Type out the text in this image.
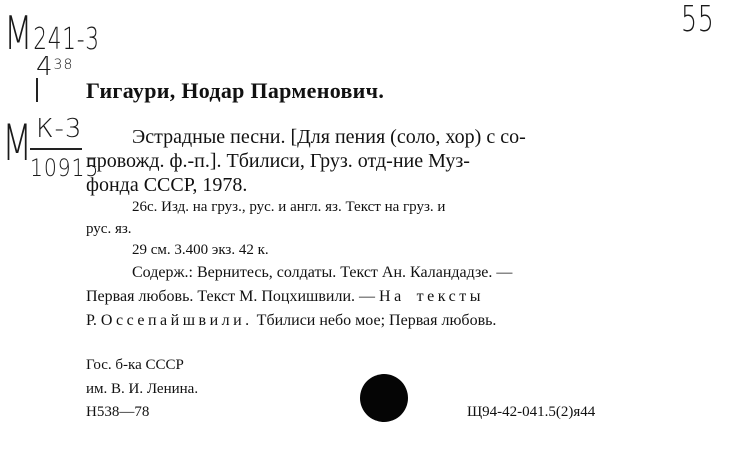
М241-3
$4^{38}$
55
М К-3
10915
Гигаури, Нодар Парменович.
Эстрадные песни. [Для пения (соло, хор) с со-
провожд. ф.-п.]. Тбилиси, Груз. отд-ние Муз-
фонда СССР, 1978.
26с. Изд. на груз., рус. и англ. яз. Текст на груз. и
рус. яз.
29 см. 3.400 экз. 42 к.
Содерж.: Вернитесь, солдаты. Текст Ан. Каландадзе. —
Первая любовь. Текст М. Поцхишвили. — На тексты
Р. Оссепайшвили. Тбилиси небо мое; Первая любовь.
Гос. б-ка СССР
им. В. И. Ленина.
Н538—78	Щ94-42-041.5(2)я44
